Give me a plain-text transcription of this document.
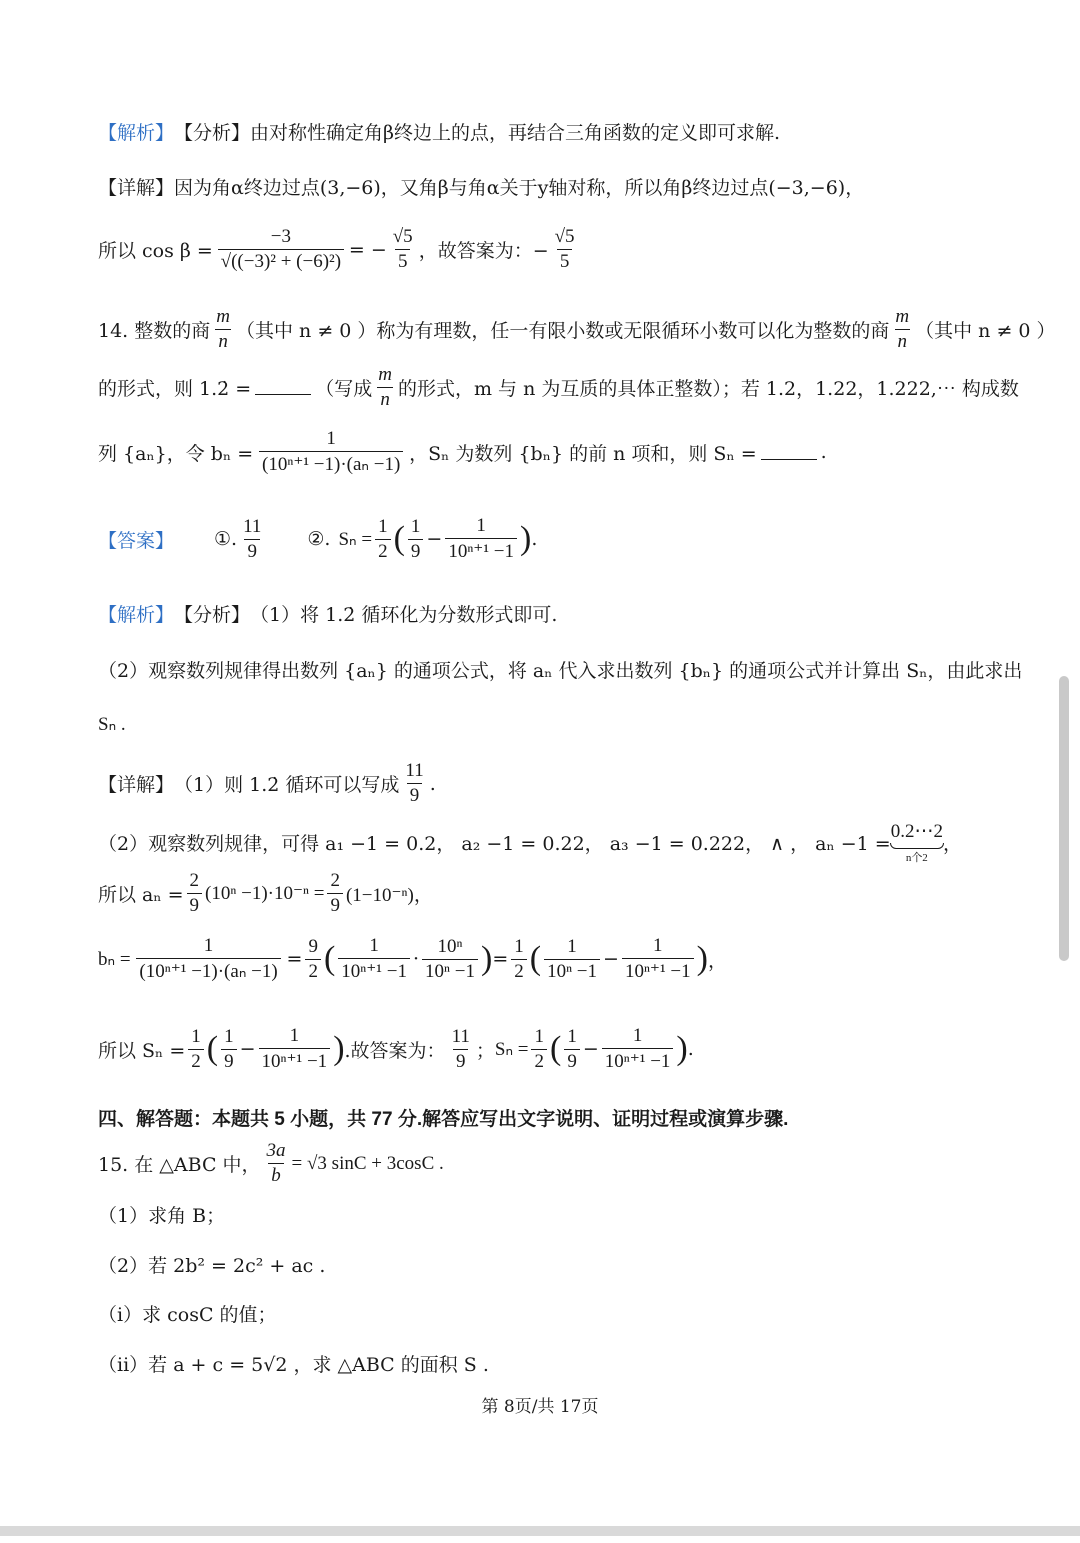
【解析】 【分析】 由对称性确定角β终边上的点，再结合三角函数的定义即可求解.
【详解】 因为角α终边过点(3,−6)，又角β与角α关于y轴对称，所以角β终边过点(−3,−6)，
所以 $\cos \beta = \frac{-3}{\text{√((−3)² + (−6)²)}}$ = − $\frac{√5}{5}$ ，故答案为：− $\frac{√5}{5}$
14. 整数的商 $\frac{m}{n}$ （其中 n ≠ 0 ）称为有理数，任一有限小数或无限循环小数可以化为整数的商 $\frac{m}{n}$ （其中 n ≠ 0 ）
的形式，则 1.2̇ =	（写成 $\frac{m}{n}$ 的形式，m 与 n 为互质的具体正整数）；若 1.2，1.22，1.222,⋯ 构成数
列 {aₙ}，令 $b_n = \frac{1}{\text{(10ⁿ⁺¹ −1)·(aₙ −1)}}$ ，Sₙ 为数列 {bₙ} 的前 n 项和，则 Sₙ =	.
【答案】 ①. $\frac{11}{9}$ ②. $S_n = \frac{1}{2}$ ( $\frac{1}{9} - \frac{1}{\text{10ⁿ⁺¹ −1}}$ ) .
【解析】 【分析】 （1）将 1.2̇ 循环化为分数形式即可.
（2）观察数列规律得出数列 {aₙ} 的通项公式，将 aₙ 代入求出数列 {bₙ} 的通项公式并计算出 Sₙ，由此求出
Sₙ .
【详解】 （1）则 1.2̇ 循环可以写成 $\frac{11}{9}$ .
（2）观察数列规律，可得 a₁ −1 = 0.2， a₂ −1 = 0.22， a₃ −1 = 0.222， ∧ ， aₙ −1 =
0.2⋯2
n个2
，
所以 $a_n = \frac{2}{9} (10^n -1)\cdot 10^{-n} = \frac{2}{9} (1-10^{-n})$，
$b_n = \frac{1}{\text{(10ⁿ⁺¹ −1)·(aₙ −1)}} = \frac{9}{2}$ ( $\frac{1}{\text{10ⁿ⁺¹ −1}} \cdot \frac{\text{10ⁿ}}{\text{10ⁿ −1}}$ ) = $\frac{1}{2}$ ( $\frac{1}{\text{10ⁿ −1}} - \frac{1}{\text{10ⁿ⁺¹ −1}}$ ) ，
所以 $S_n = \frac{1}{2}$ ( $\frac{1}{9} - \frac{1}{\text{10ⁿ⁺¹ −1}}$ ) .故答案为： $\frac{11}{9}$ ； $S_n = \frac{1}{2}$ ( $\frac{1}{9} - \frac{1}{\text{10ⁿ⁺¹ −1}}$ ) .
四、解答题：本题共 5 小题，共 77 分.解答应写出文字说明、证明过程或演算步骤.
15. 在 △ABC 中， $\frac{3a}{b} = √3$ sinC + 3cosC .
（1）求角 B；
（2）若 2b² = 2c² + ac .
（i）求 cosC 的值；
（ii）若 a + c = 5√2 ，求 △ABC 的面积 S .
第 8页/共 17页
